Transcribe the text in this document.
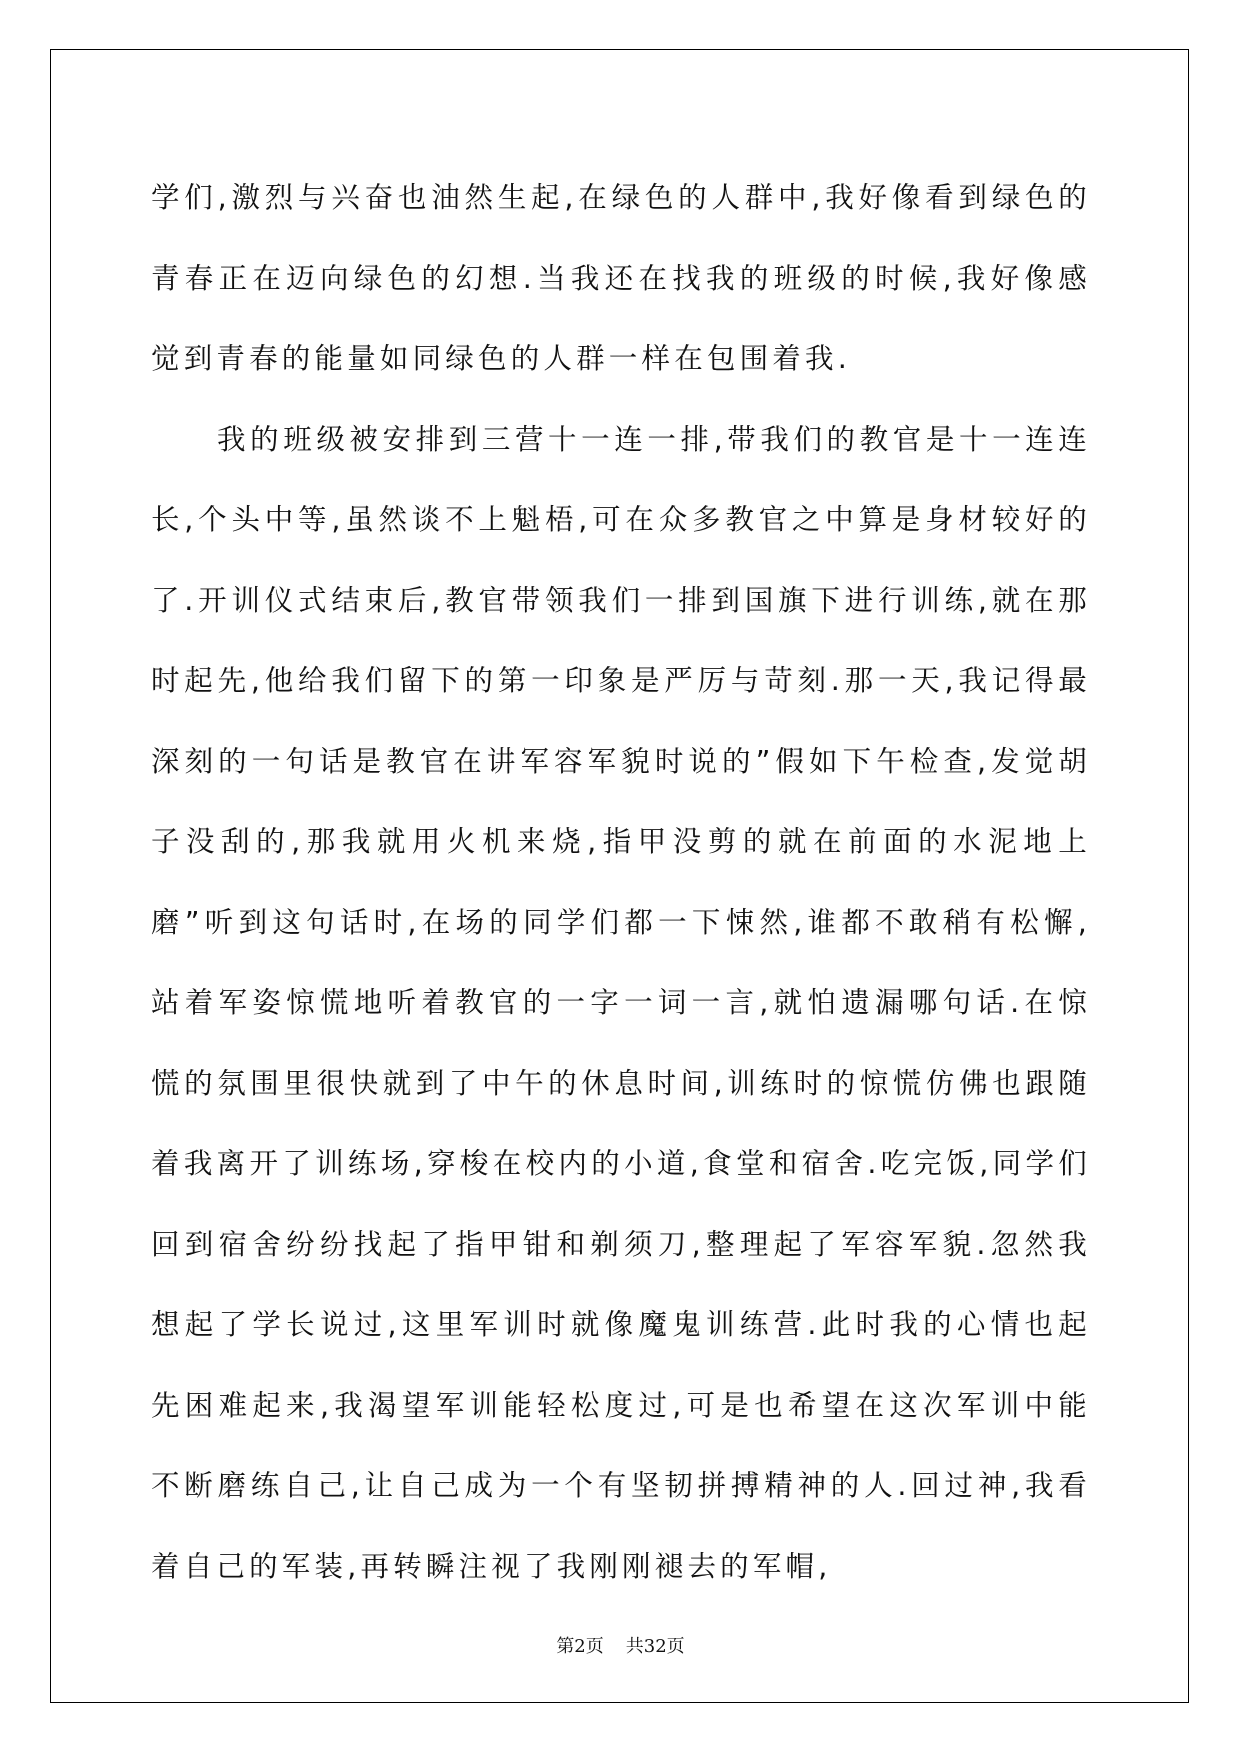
学们,激烈与兴奋也油然生起,在绿色的人群中,我好像看到绿色的青春正在迈向绿色的幻想.当我还在找我的班级的时候,我好像感觉到青春的能量如同绿色的人群一样在包围着我.

我的班级被安排到三营十一连一排,带我们的教官是十一连连长,个头中等,虽然谈不上魁梧,可在众多教官之中算是身材较好的了.开训仪式结束后,教官带领我们一排到国旗下进行训练,就在那时起先,他给我们留下的第一印象是严厉与苛刻.那一天,我记得最深刻的一句话是教官在讲军容军貌时说的”假如下午检查,发觉胡子没刮的,那我就用火机来烧,指甲没剪的就在前面的水泥地上磨”听到这句话时,在场的同学们都一下悚然,谁都不敢稍有松懈,站着军姿惊慌地听着教官的一字一词一言,就怕遗漏哪句话.在惊慌的氛围里很快就到了中午的休息时间,训练时的惊慌仿佛也跟随着我离开了训练场,穿梭在校内的小道,食堂和宿舍.吃完饭,同学们回到宿舍纷纷找起了指甲钳和剃须刀,整理起了军容军貌.忽然我想起了学长说过,这里军训时就像魔鬼训练营.此时我的心情也起先困难起来,我渴望军训能轻松度过,可是也希望在这次军训中能不断磨练自己,让自己成为一个有坚韧拼搏精神的人.回过神,我看着自己的军装,再转瞬注视了我刚刚褪去的军帽,

第2页 共32页
